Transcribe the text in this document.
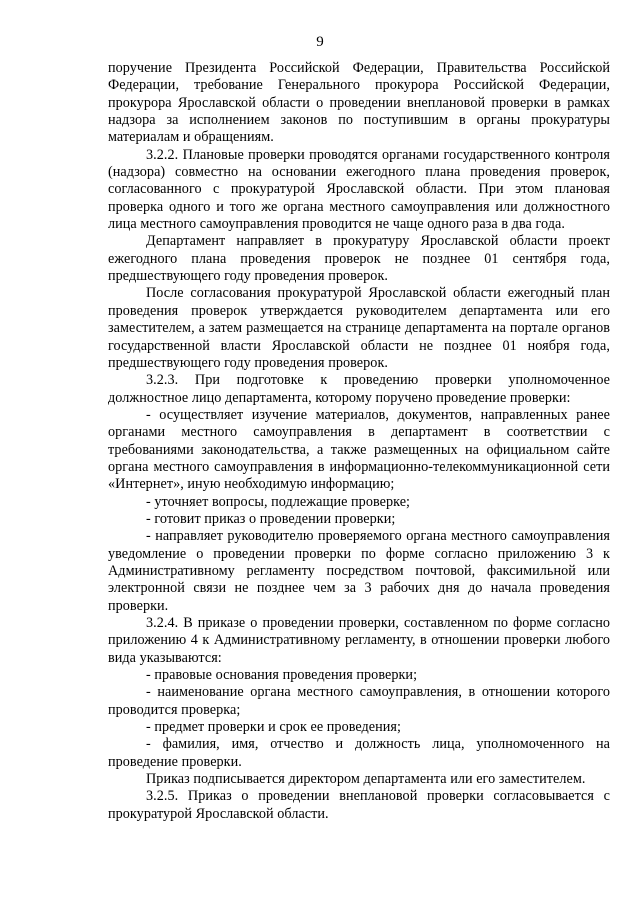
9

поручение Президента Российской Федерации, Правительства Российской Федерации, требование Генерального прокурора Российской Федерации, прокурора Ярославской области о проведении внеплановой проверки в рамках надзора за исполнением законов по поступившим в органы прокуратуры материалам и обращениям.

3.2.2. Плановые проверки проводятся органами государственного контроля (надзора) совместно на основании ежегодного плана проведения проверок, согласованного с прокуратурой Ярославской области. При этом плановая проверка одного и того же органа местного самоуправления или должностного лица местного самоуправления проводится не чаще одного раза в два года.

Департамент направляет в прокуратуру Ярославской области проект ежегодного плана проведения проверок не позднее 01 сентября года, предшествующего году проведения проверок.

После согласования прокуратурой Ярославской области ежегодный план проведения проверок утверждается руководителем департамента или его заместителем, а затем размещается на странице департамента на портале органов государственной власти Ярославской области не позднее 01 ноября года, предшествующего году проведения проверок.

3.2.3. При подготовке к проведению проверки уполномоченное должностное лицо департамента, которому поручено проведение проверки:

- осуществляет изучение материалов, документов, направленных ранее органами местного самоуправления в департамент в соответствии с требованиями законодательства, а также размещенных на официальном сайте органа местного самоуправления в информационно-телекоммуникационной сети «Интернет», иную необходимую информацию;

- уточняет вопросы, подлежащие проверке;

- готовит приказ о проведении проверки;

- направляет руководителю проверяемого органа местного самоуправления уведомление о проведении проверки по форме согласно приложению 3 к Административному регламенту посредством почтовой, факсимильной или электронной связи не позднее чем за 3 рабочих дня до начала проведения проверки.

3.2.4. В приказе о проведении проверки, составленном по форме согласно приложению 4 к Административному регламенту, в отношении проверки любого вида указываются:

- правовые основания проведения проверки;

- наименование органа местного самоуправления, в отношении которого проводится проверка;

- предмет проверки и срок ее проведения;

- фамилия, имя, отчество и должность лица, уполномоченного на проведение проверки.

Приказ подписывается директором департамента или его заместителем.

3.2.5. Приказ о проведении внеплановой проверки согласовывается с прокуратурой Ярославской области.
